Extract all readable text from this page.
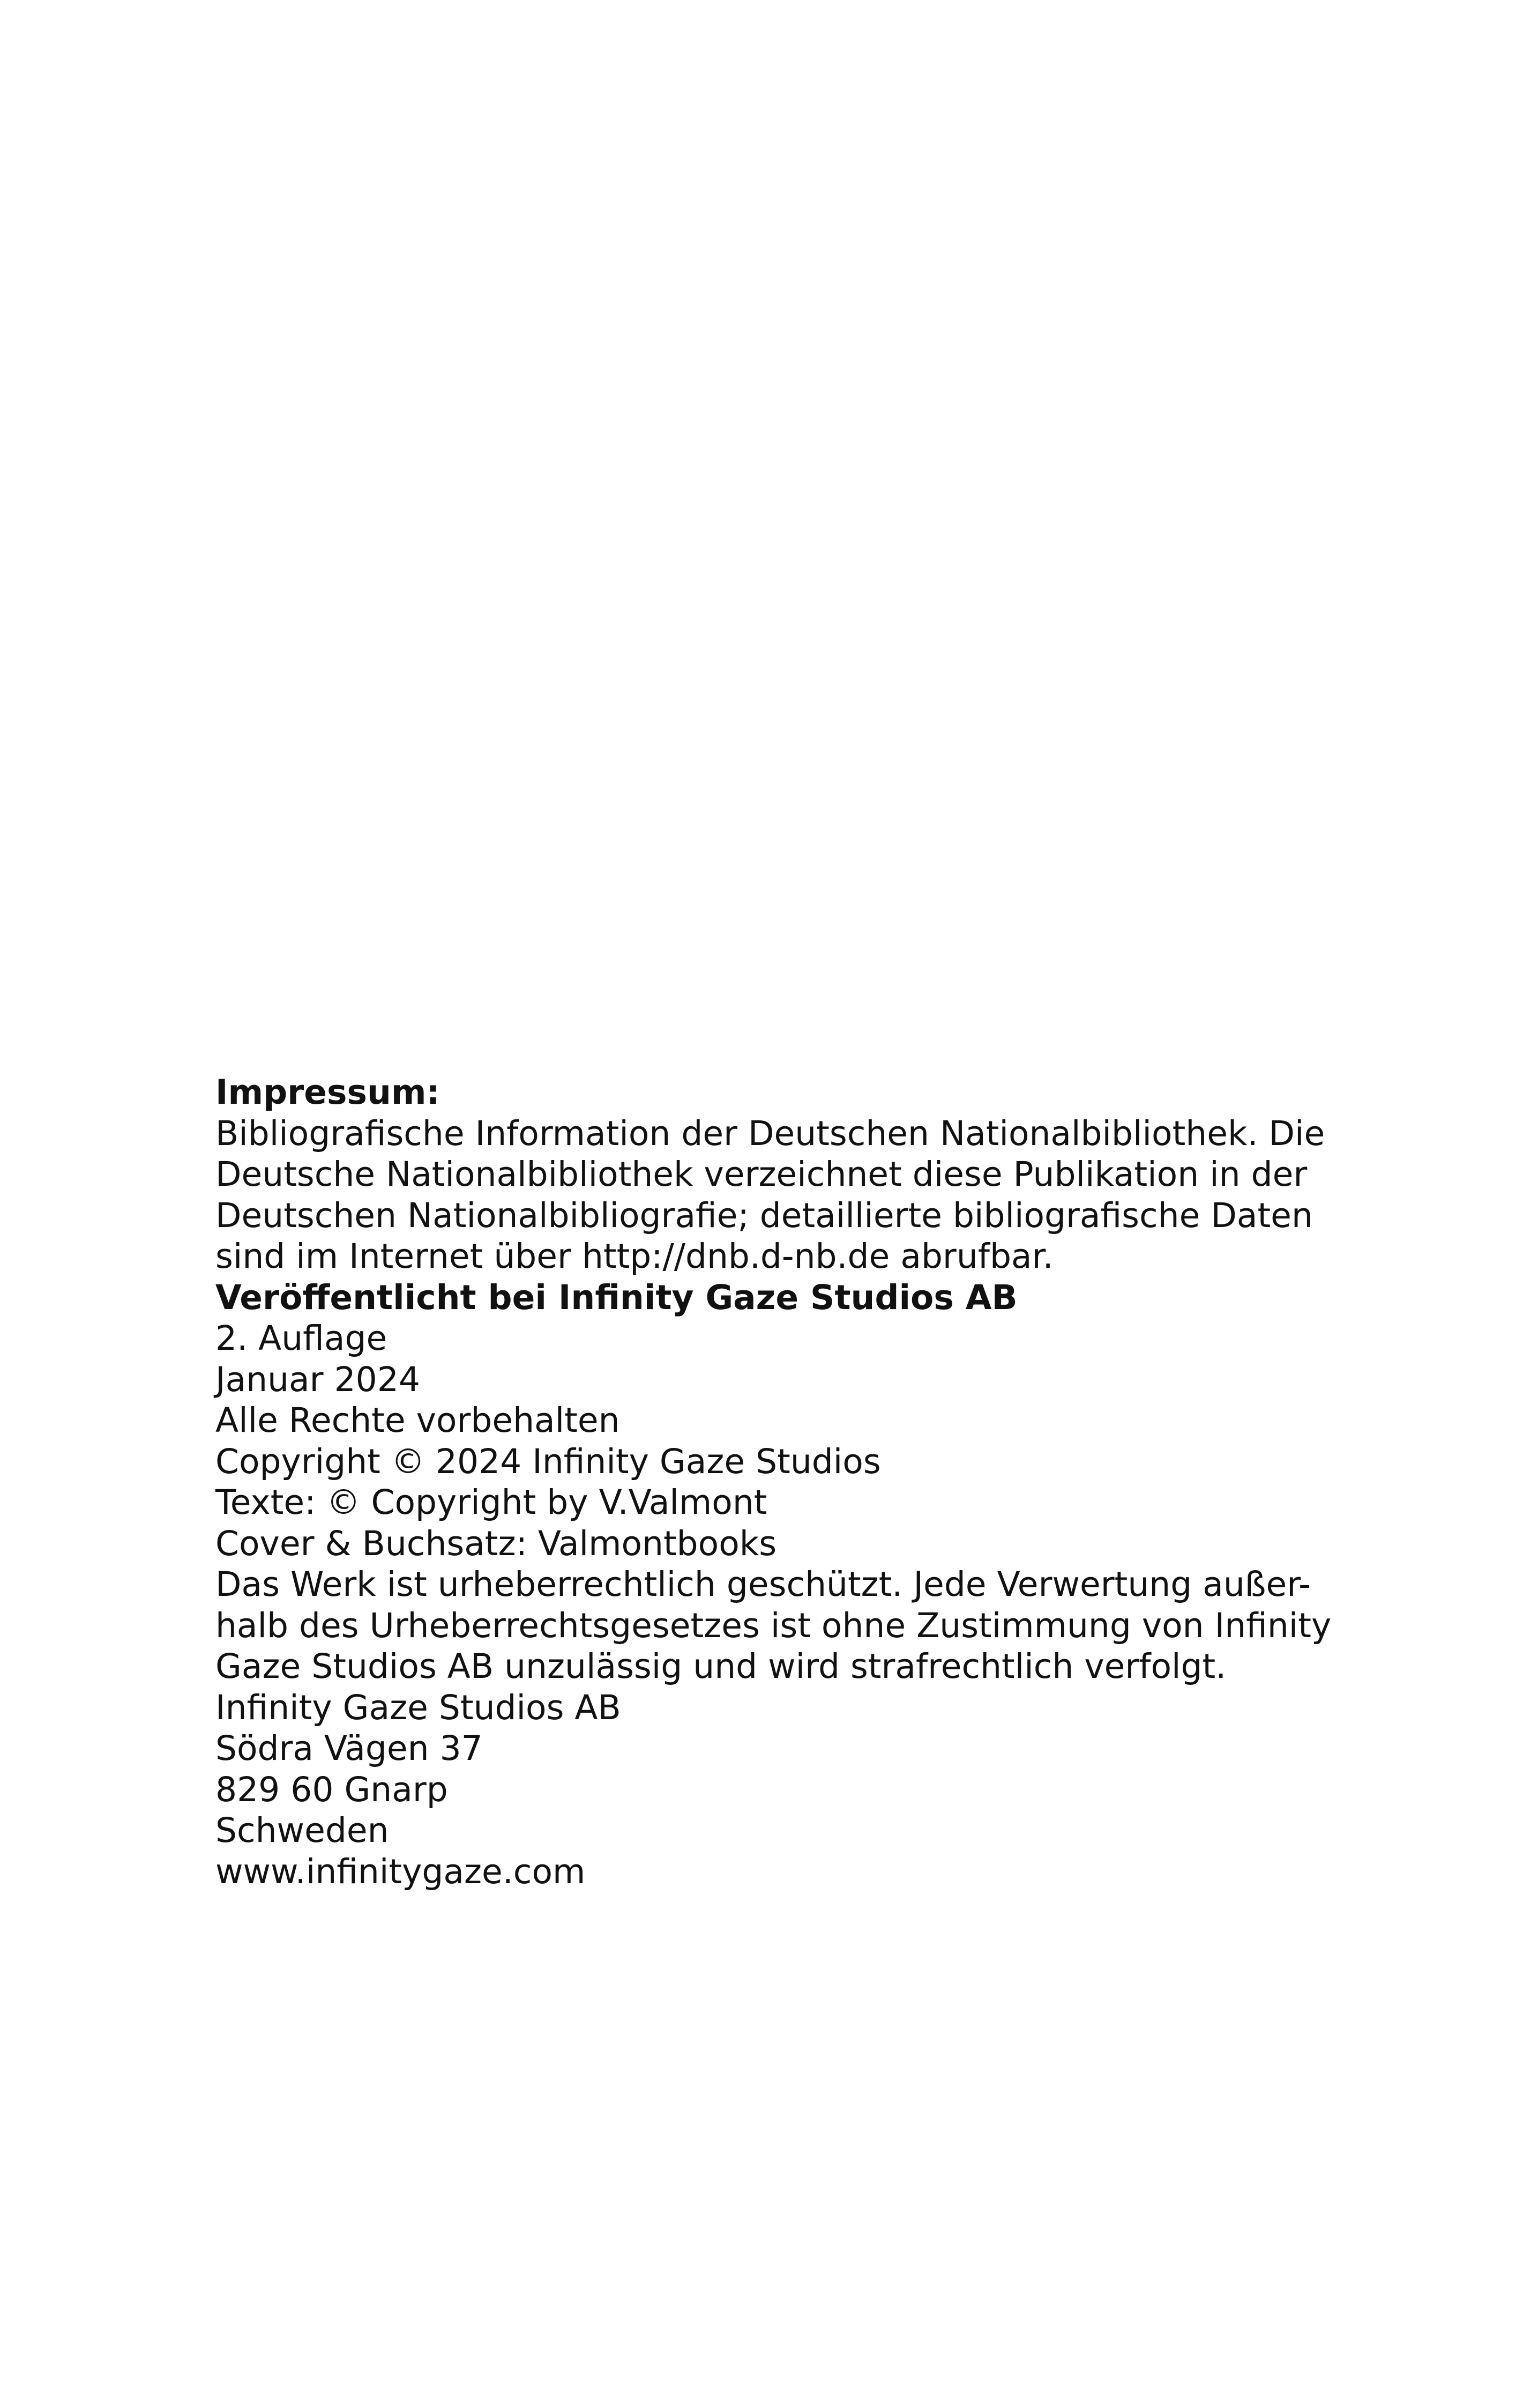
Impressum:
Bibliografische Information der Deutschen Nationalbibliothek. Die
Deutsche Nationalbibliothek verzeichnet diese Publikation in der
Deutschen Nationalbibliografie; detaillierte bibliografische Daten
sind im Internet über http://dnb.d-nb.de abrufbar.
Veröffentlicht bei Infinity Gaze Studios AB
2. Auflage
Januar 2024
Alle Rechte vorbehalten
Copyright © 2024 Infinity Gaze Studios
Texte: © Copyright by V.Valmont
Cover & Buchsatz: Valmontbooks
Das Werk ist urheberrechtlich geschützt. Jede Verwertung außer-
halb des Urheberrechtsgesetzes ist ohne Zustimmung von Infinity
Gaze Studios AB unzulässig und wird strafrechtlich verfolgt.
Infinity Gaze Studios AB
Södra Vägen 37
829 60 Gnarp
Schweden
www.infinitygaze.com
